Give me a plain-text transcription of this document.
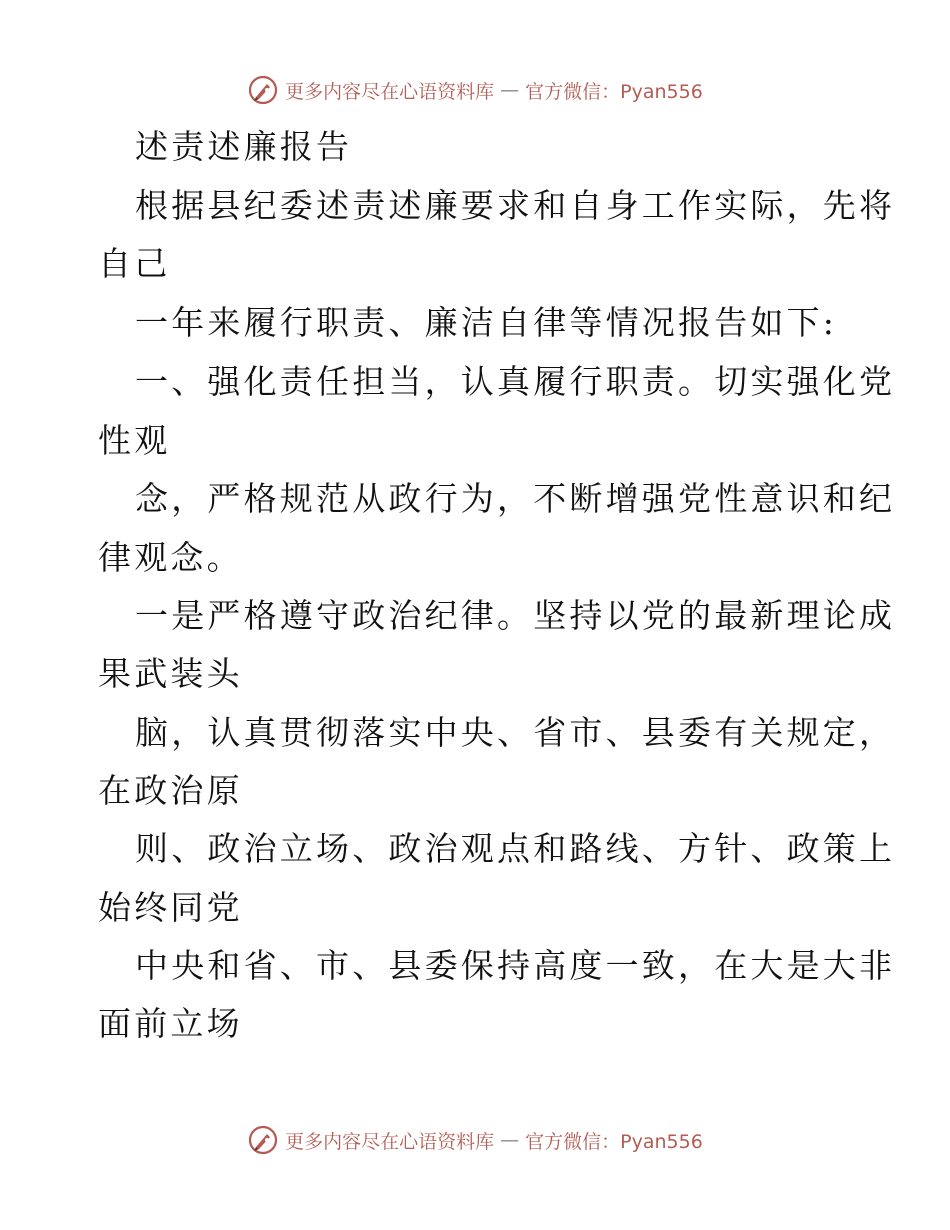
更多内容尽在心语资料库 — 官方微信：Pyan556
述责述廉报告
根据县纪委述责述廉要求和自身工作实际，先将
自己
一年来履行职责、廉洁自律等情况报告如下:
一、强化责任担当，认真履行职责。切实强化党
性观
念，严格规范从政行为，不断增强党性意识和纪
律观念。
一是严格遵守政治纪律。坚持以党的最新理论成
果武装头
脑，认真贯彻落实中央、省市、县委有关规定，
在政治原
则、政治立场、政治观点和路线、方针、政策上
始终同党
中央和省、市、县委保持高度一致，在大是大非
面前立场
更多内容尽在心语资料库 — 官方微信：Pyan556
